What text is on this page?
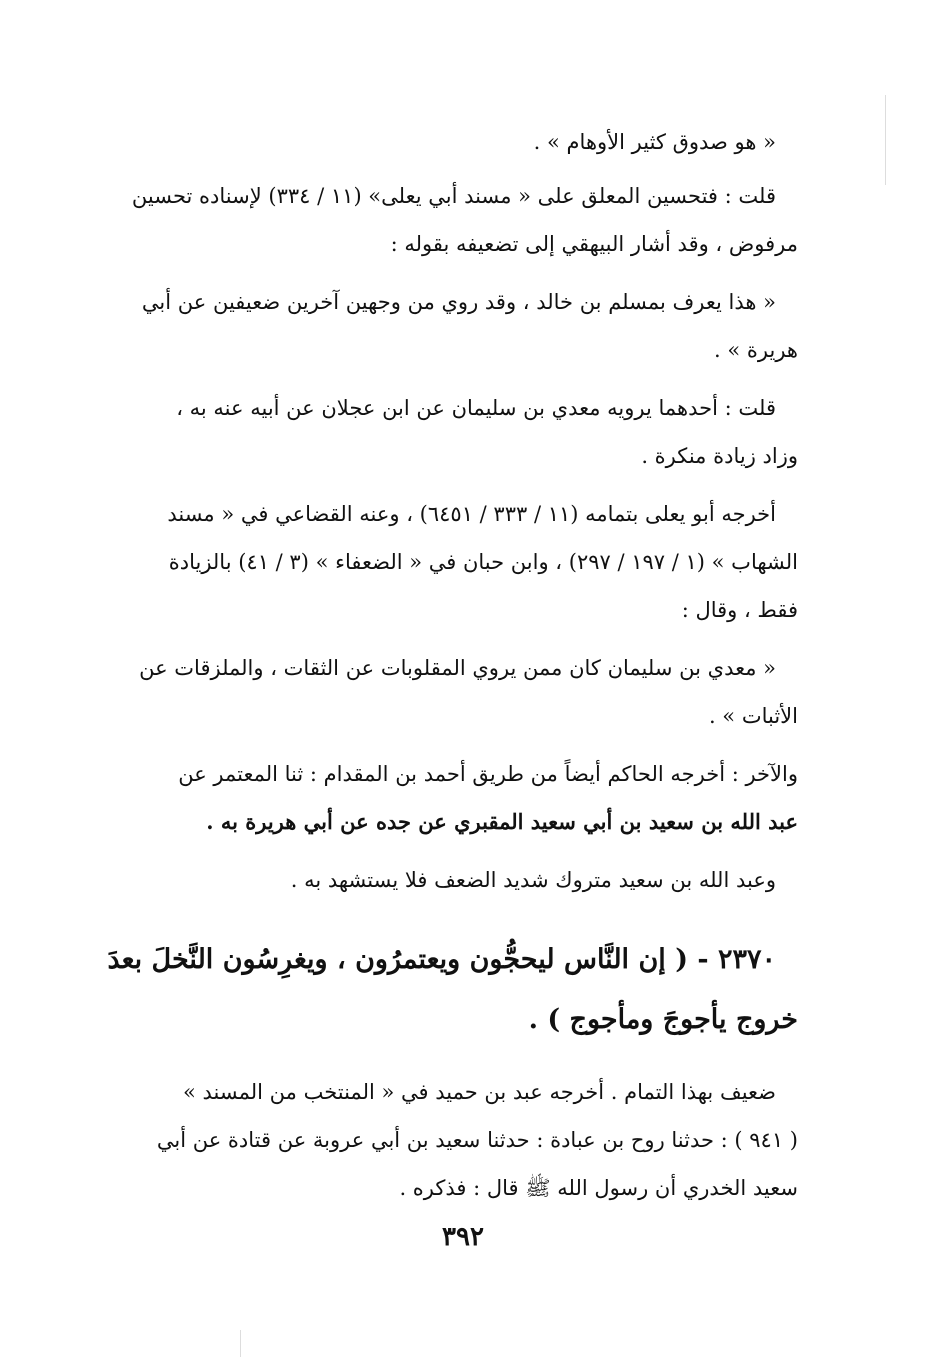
« هو صدوق كثير الأوهام » .
قلت : فتحسين المعلق على « مسند أبي يعلى» (١١ / ٣٣٤) لإسناده تحسين
مرفوض ، وقد أشار البيهقي إلى تضعيفه بقوله :
« هذا يعرف بمسلم بن خالد ، وقد روي من وجهين آخرين ضعيفين عن أبي
هريرة » .
قلت : أحدهما يرويه معدي بن سليمان عن ابن عجلان عن أبيه عنه به ،
وزاد زيادة منكرة .
أخرجه أبو يعلى بتمامه (١١ / ٣٣٣ / ٦٤٥١) ، وعنه القضاعي في « مسند
الشهاب » (١ / ١٩٧ / ٢٩٧) ، وابن حبان في « الضعفاء » (٣ / ٤١) بالزيادة
فقط ، وقال :
« معدي بن سليمان كان ممن يروي المقلوبات عن الثقات ، والملزقات عن
الأثبات » .
والآخر : أخرجه الحاكم أيضاً من طريق أحمد بن المقدام : ثنا المعتمر عن
عبد الله بن سعيد بن أبي سعيد المقبري عن جده عن أبي هريرة به .
وعبد الله بن سعيد متروك شديد الضعف فلا يستشهد به .
٢٣٧٠ - ( إن النَّاس ليحجُّون ويعتمرُون ، ويغرِسُون النَّخلَ بعدَ
خروج يأجوجَ ومأجوج ) .
ضعيف بهذا التمام . أخرجه عبد بن حميد في « المنتخب من المسند »
( ٩٤١ ) : حدثنا روح بن عبادة : حدثنا سعيد بن أبي عروبة عن قتادة عن أبي
سعيد الخدري أن رسول الله ﷺ قال : فذكره .
٣٩٢
